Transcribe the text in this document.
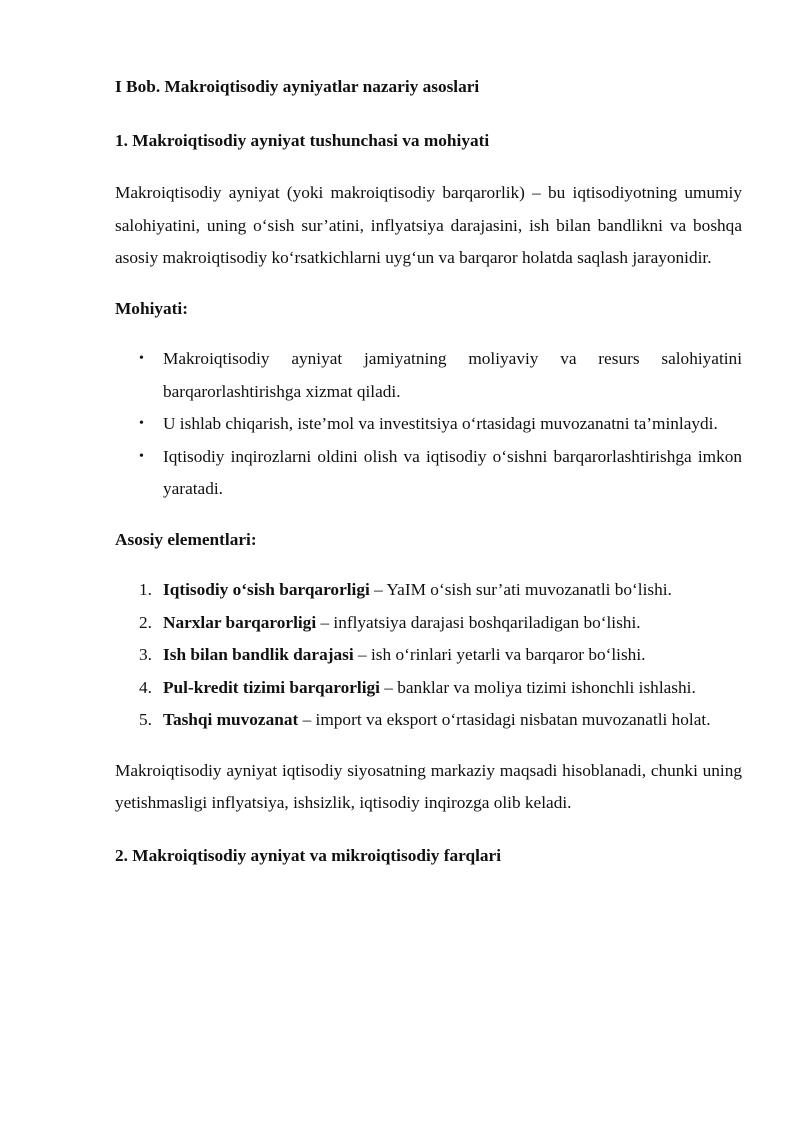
I Bob. Makroiqtisodiy ayniyatlar nazariy asoslari
1. Makroiqtisodiy ayniyat tushunchasi va mohiyati

Makroiqtisodiy ayniyat (yoki makroiqtisodiy barqarorlik) – bu iqtisodiyotning umumiy salohiyatini, uning o‘sish sur’atini, inflyatsiya darajasini, ish bilan bandlikni va boshqa asosiy makroiqtisodiy ko‘rsatkichlarni uyg‘un va barqaror holatda saqlash jarayonidir.

Mohiyati:
• Makroiqtisodiy ayniyat jamiyatning moliyaviy va resurs salohiyatini barqarorlashtirishga xizmat qiladi.
• U ishlab chiqarish, iste’mol va investitsiya o‘rtasidagi muvozanatni ta’minlaydi.
• Iqtisodiy inqirozlarni oldini olish va iqtisodiy o‘sishni barqarorlashtirishga imkon yaratadi.
Asosiy elementlari:
1. Iqtisodiy o‘sish barqarorligi – YaIM o‘sish sur’ati muvozanatli bo‘lishi.
2. Narxlar barqarorligi – inflyatsiya darajasi boshqariladigan bo‘lishi.
3. Ish bilan bandlik darajasi – ish o‘rinlari yetarli va barqaror bo‘lishi.
4. Pul-kredit tizimi barqarorligi – banklar va moliya tizimi ishonchli ishlashi.
5. Tashqi muvozanat – import va eksport o‘rtasidagi nisbatan muvozanatli holat.

Makroiqtisodiy ayniyat iqtisodiy siyosatning markaziy maqsadi hisoblanadi, chunki uning yetishmasligi inflyatsiya, ishsizlik, iqtisodiy inqirozga olib keladi.

2. Makroiqtisodiy ayniyat va mikroiqtisodiy farqlari
